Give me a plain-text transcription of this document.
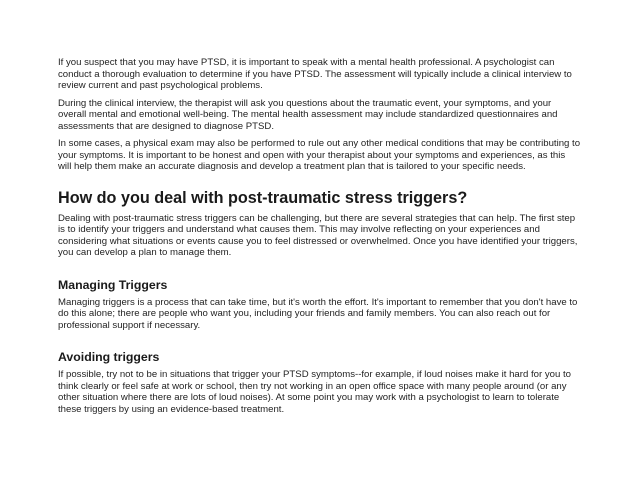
If you suspect that you may have PTSD, it is important to speak with a mental health professional. A psychologist can conduct a thorough evaluation to determine if you have PTSD. The assessment will typically include a clinical interview to review current and past psychological problems.

During the clinical interview, the therapist will ask you questions about the traumatic event, your symptoms, and your overall mental and emotional well-being. The mental health assessment may include standardized questionnaires and assessments that are designed to diagnose PTSD.

In some cases, a physical exam may also be performed to rule out any other medical conditions that may be contributing to your symptoms. It is important to be honest and open with your therapist about your symptoms and experiences, as this will help them make an accurate diagnosis and develop a treatment plan that is tailored to your specific needs.

How do you deal with post-traumatic stress triggers?

Dealing with post-traumatic stress triggers can be challenging, but there are several strategies that can help. The first step is to identify your triggers and understand what causes them. This may involve reflecting on your experiences and considering what situations or events cause you to feel distressed or overwhelmed. Once you have identified your triggers, you can develop a plan to manage them.

Managing Triggers

Managing triggers is a process that can take time, but it's worth the effort. It's important to remember that you don't have to do this alone; there are people who want you, including your friends and family members. You can also reach out for professional support if necessary.

Avoiding triggers

If possible, try not to be in situations that trigger your PTSD symptoms--for example, if loud noises make it hard for you to think clearly or feel safe at work or school, then try not working in an open office space with many people around (or any other situation where there are lots of loud noises). At some point you may work with a psychologist to learn to tolerate these triggers by using an evidence-based treatment.
